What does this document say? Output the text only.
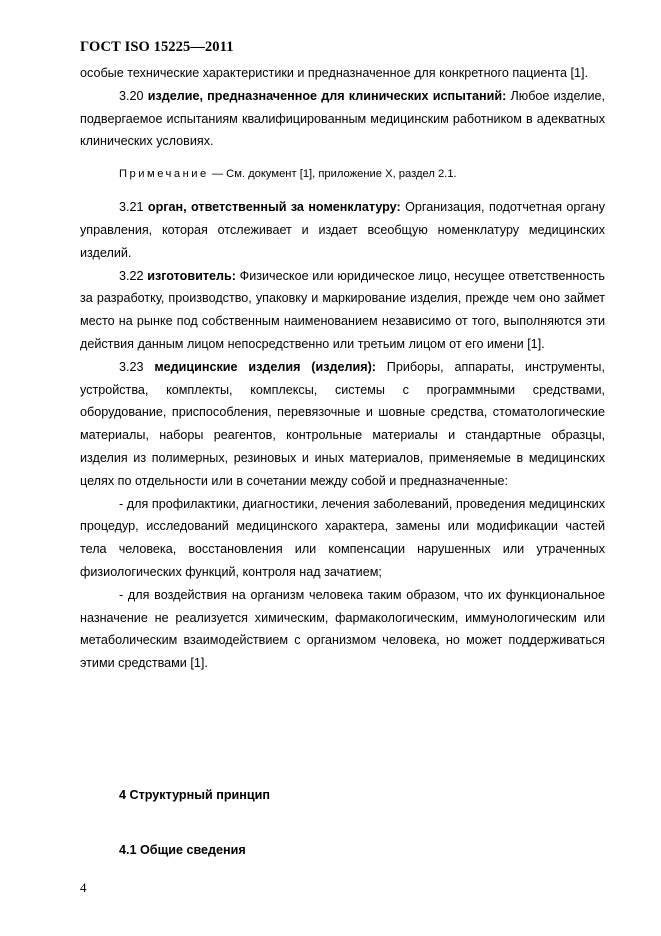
ГОСТ ISO 15225—2011

особые технические характеристики и предназначенное для конкретного пациента [1].

3.20 изделие, предназначенное для клинических испытаний: Любое изделие, подвергаемое испытаниям квалифицированным медицинским работником в адекватных клинических условиях.

Примечание — См. документ [1], приложение X, раздел 2.1.

3.21 орган, ответственный за номенклатуру: Организация, подотчетная органу управления, которая отслеживает и издает всеобщую номенклатуру медицинских изделий.

3.22 изготовитель: Физическое или юридическое лицо, несущее ответственность за разработку, производство, упаковку и маркирование изделия, прежде чем оно займет место на рынке под собственным наименованием независимо от того, выполняются эти действия данным лицом непосредственно или третьим лицом от его имени [1].

3.23 медицинские изделия (изделия): Приборы, аппараты, инструменты, устройства, комплекты, комплексы, системы с программными средствами, оборудование, приспособления, перевязочные и шовные средства, стоматологические материалы, наборы реагентов, контрольные материалы и стандартные образцы, изделия из полимерных, резиновых и иных материалов, применяемые в медицинских целях по отдельности или в сочетании между собой и предназначенные:

- для профилактики, диагностики, лечения заболеваний, проведения медицинских процедур, исследований медицинского характера, замены или модификации частей тела человека, восстановления или компенсации нарушенных или утраченных физиологических функций, контроля над зачатием;

- для воздействия на организм человека таким образом, что их функциональное назначение не реализуется химическим, фармакологическим, иммунологическим или метаболическим взаимодействием с организмом человека, но может поддерживаться этими средствами [1].

4 Структурный принцип
4.1 Общие сведения
4
